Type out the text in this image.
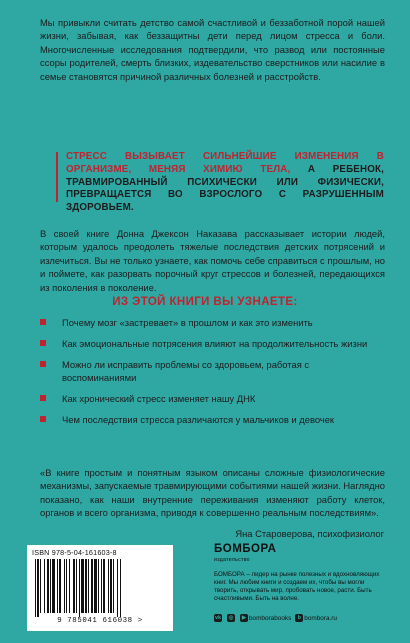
Мы привыкли считать детство самой счастливой и беззаботной порой нашей жизни, забывая, как беззащитны дети перед лицом стресса и боли. Многочисленные исследования подтвердили, что развод или постоянные ссоры родителей, смерть близких, издевательство сверстников или насилие в семье становятся причиной различных болезней и расстройств.

СТРЕСС ВЫЗЫВАЕТ СИЛЬНЕЙШИЕ ИЗМЕНЕНИЯ В ОРГАНИЗМЕ, МЕНЯЯ ХИМИЮ ТЕЛА, А РЕБЕНОК, ТРАВМИРОВАННЫЙ ПСИХИЧЕСКИ ИЛИ ФИЗИЧЕСКИ, ПРЕВРАЩАЕТСЯ ВО ВЗРОСЛОГО С РАЗРУШЕННЫМ ЗДОРОВЬЕМ.

В своей книге Донна Джексон Наказава рассказывает истории людей, которым удалось преодолеть тяжелые последствия детских потрясений и излечиться. Вы не только узнаете, как помочь себе справиться с прошлым, но и поймете, как разорвать порочный круг стрессов и болезней, передающихся из поколения в поколение.

ИЗ ЭТОЙ КНИГИ ВЫ УЗНАЕТЕ:

Почему мозг «застревает» в прошлом и как это изменить
Как эмоциональные потрясения влияют на продолжительность жизни
Можно ли исправить проблемы со здоровьем, работая с воспоминаниями
Как хронический стресс изменяет нашу ДНК
Чем последствия стресса различаются у мальчиков и девочек

«В книге простым и понятным языком описаны сложные физиологические механизмы, запускаемые травмирующими событиями нашей жизни. Наглядно показано, как наши внутренние переживания изменяют работу клеток, органов и всего организма, приводя к совершенно реальным последствиям».

Яна Староверова, психофизиолог

ISBN 978-5-04-161603-8

9 785041 616038 >

БОМБОРА

издательство

БОМБОРА – лидер на рынке полезных и вдохновляющих книг. Мы любим книги и создаем их, чтобы вы могли творить, открывать мир, пробовать новое, расти. Быть счастливыми. Быть на волне.

vk ◎	▶ bomborabooks	b bombora.ru
